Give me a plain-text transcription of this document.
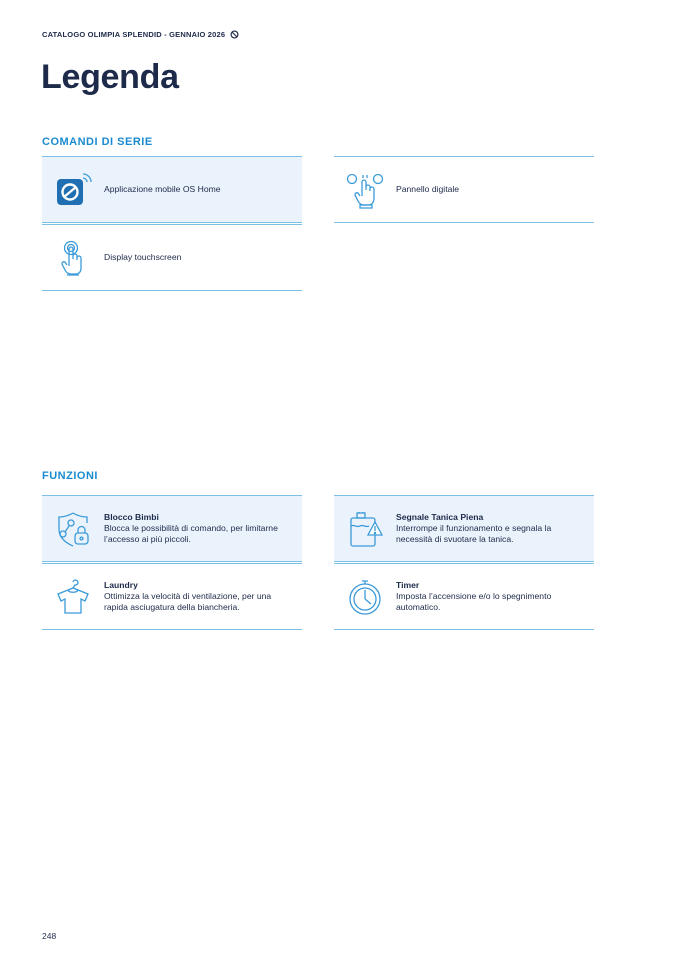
CATALOGO OLIMPIA SPLENDID - GENNAIO 2026
Legenda
COMANDI DI SERIE
Applicazione mobile OS Home	Pannello digitale
Display touchscreen
FUNZIONI
Blocco Bimbi
Blocca le possibilità di comando, per limitarne l’accesso ai più piccoli.
Segnale Tanica Piena
Interrompe il funzionamento e segnala la necessità di svuotare la tanica.
Laundry
Ottimizza la velocità di ventilazione, per una rapida asciugatura della biancheria.
Timer
Imposta l’accensione e/o lo spegnimento automatico.
248
